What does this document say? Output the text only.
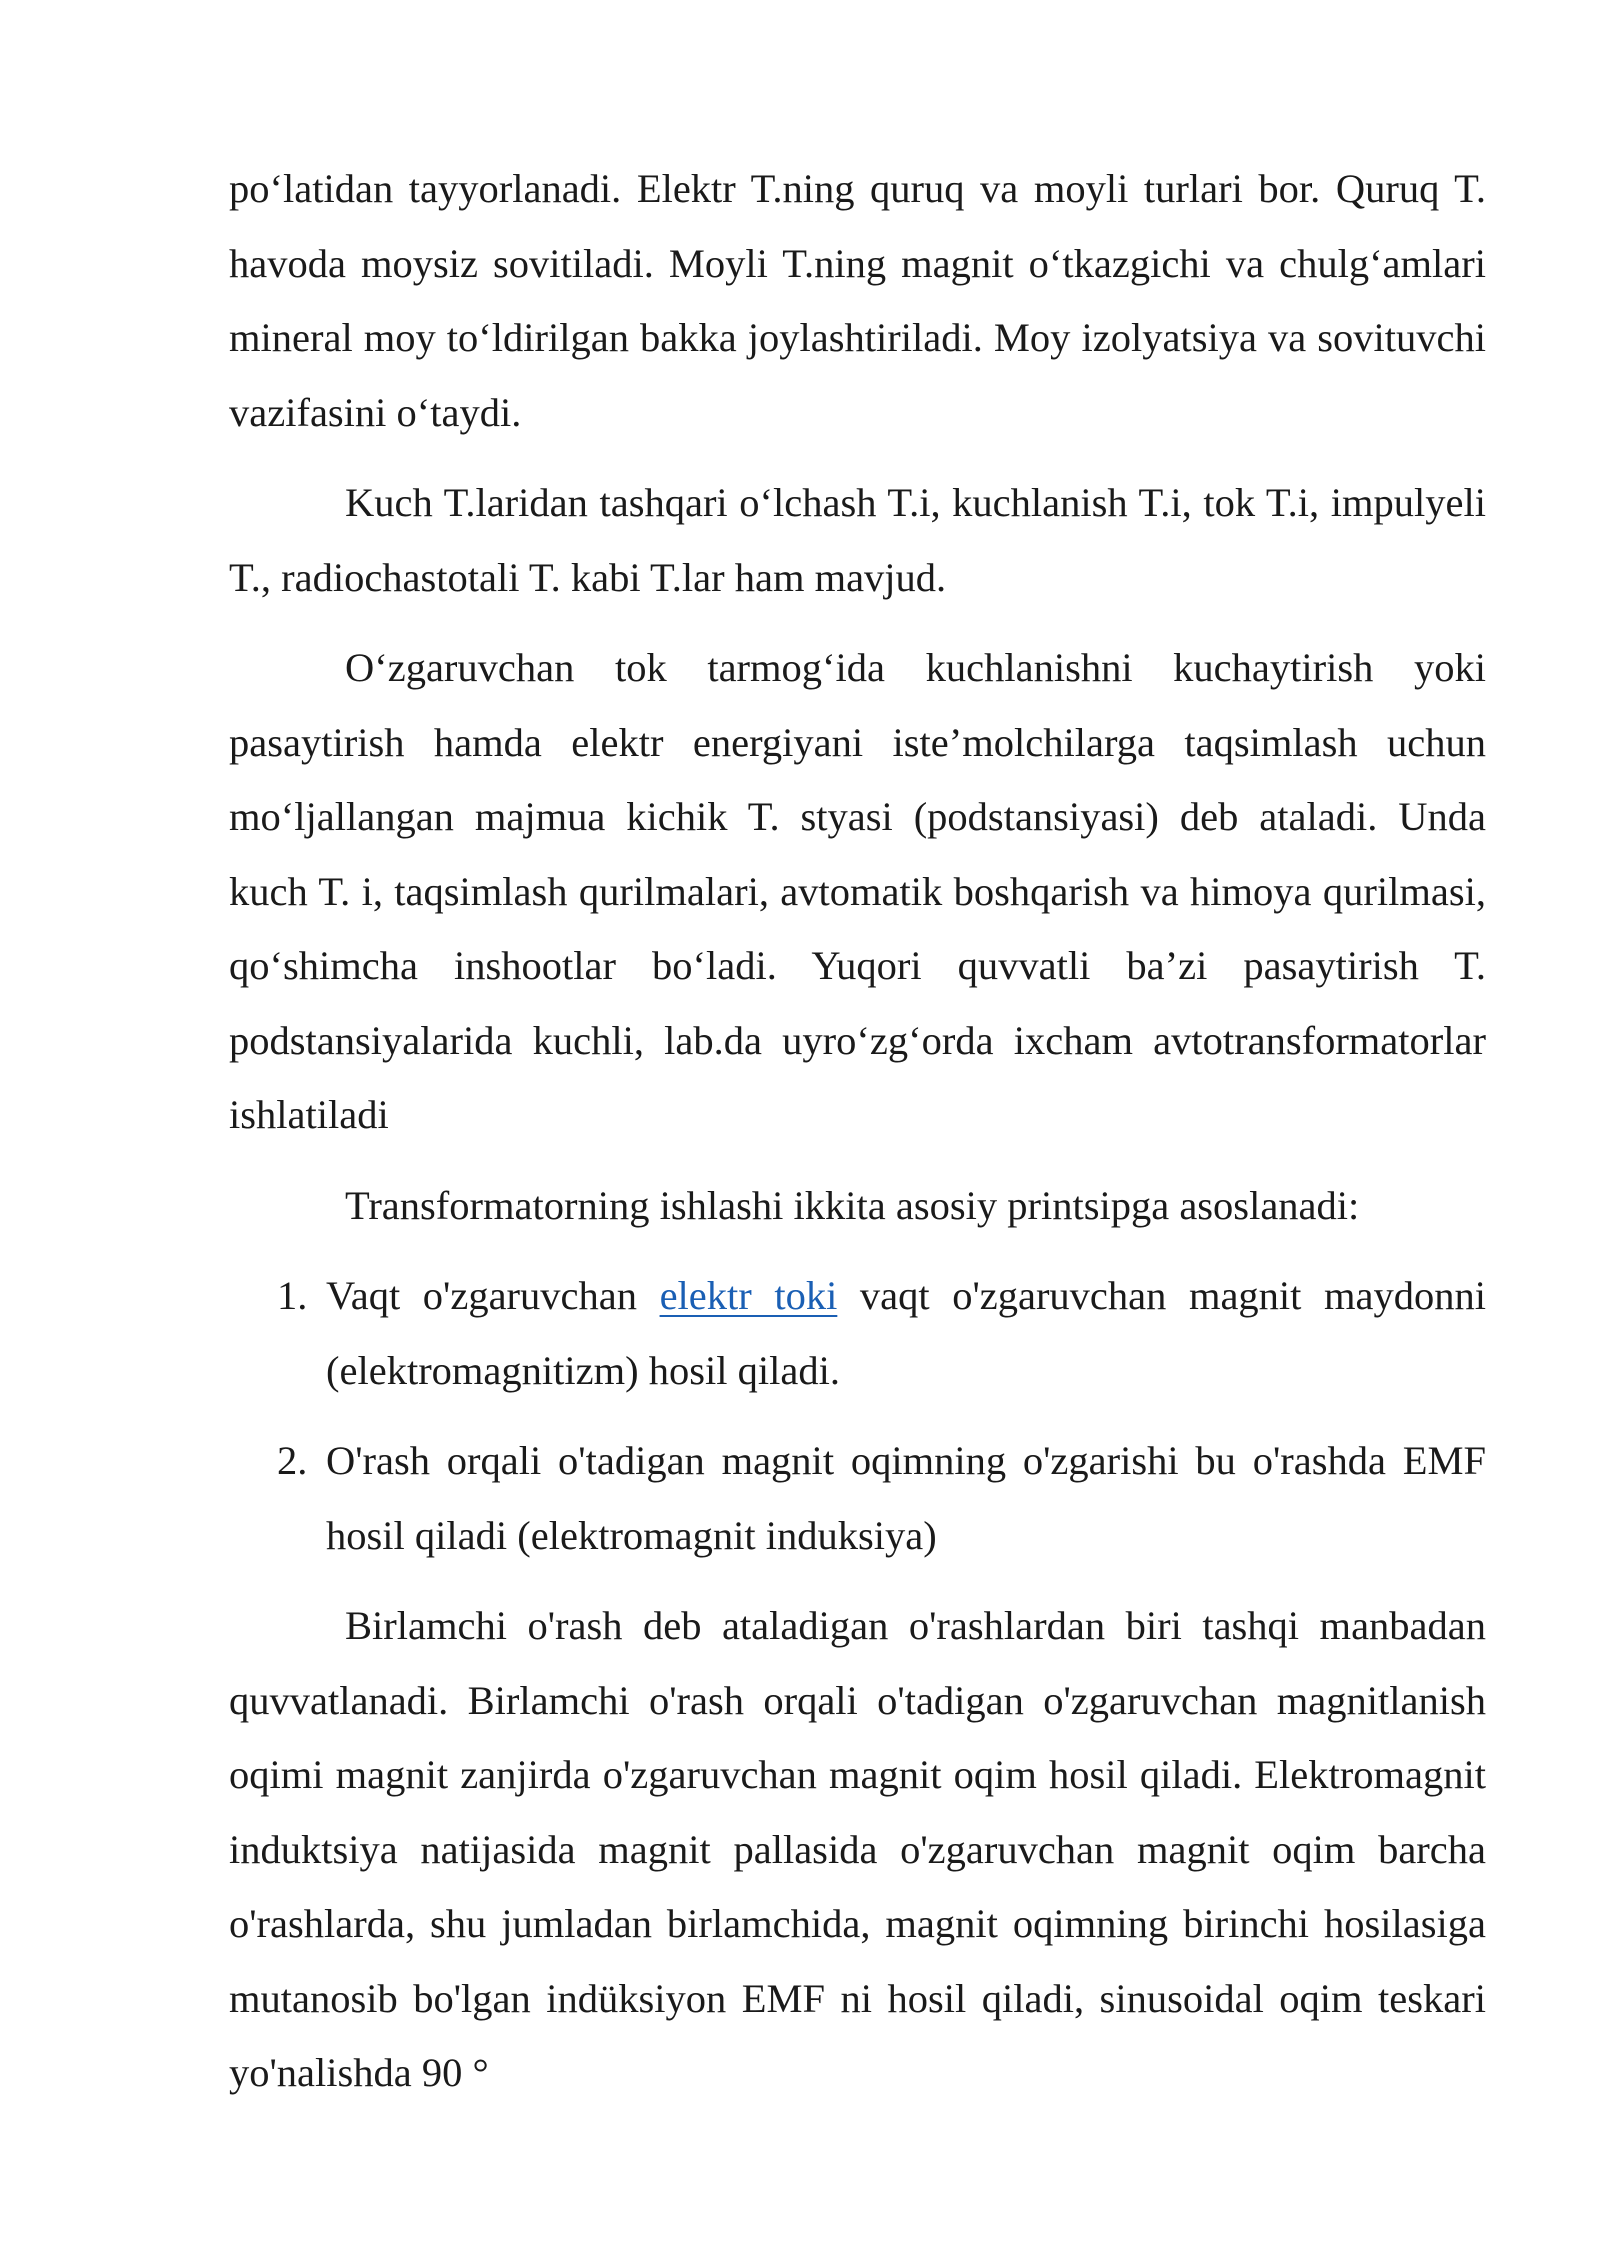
po‘latidan tayyorlanadi. Elektr T.ning quruq va moyli turlari bor. Quruq T. havoda moysiz sovitiladi. Moyli T.ning magnit o‘tkazgichi va chulg‘amlari mineral moy to‘ldirilgan bakka joylashtiriladi. Moy izolyatsiya va sovituvchi vazifasini o‘taydi.

Kuch T.laridan tashqari o‘lchash T.i, kuchlanish T.i, tok T.i, impulyeli T., radiochastotali T. kabi T.lar ham mavjud.

O‘zgaruvchan tok tarmog‘ida kuchlanishni kuchaytirish yoki pasaytirish hamda elektr energiyani iste’molchilarga taqsimlash uchun mo‘ljallangan majmua kichik T. styasi (podstansiyasi) deb ataladi. Unda kuch T. i, taqsimlash qurilmalari, avtomatik boshqarish va himoya qurilmasi, qo‘shimcha inshootlar bo‘ladi. Yuqori quvvatli ba’zi pasaytirish T. podstansiyalarida kuchli, lab.da uyro‘zg‘orda ixcham avtotransformatorlar ishlatiladi

Transformatorning ishlashi ikkita asosiy printsipga asoslanadi:

1. Vaqt o'zgaruvchan elektr toki vaqt o'zgaruvchan magnit maydonni (elektromagnitizm) hosil qiladi.
2. O'rash orqali o'tadigan magnit oqimning o'zgarishi bu o'rashda EMF hosil qiladi (elektromagnit induksiya)

Birlamchi o'rash deb ataladigan o'rashlardan biri tashqi manbadan quvvatlanadi. Birlamchi o'rash orqali o'tadigan o'zgaruvchan magnitlanish oqimi magnit zanjirda o'zgaruvchan magnit oqim hosil qiladi. Elektromagnit induktsiya natijasida magnit pallasida o'zgaruvchan magnit oqim barcha o'rashlarda, shu jumladan birlamchida, magnit oqimning birinchi hosilasiga mutanosib bo'lgan indüksiyon EMF ni hosil qiladi, sinusoidal oqim teskari yo'nalishda 90 °
